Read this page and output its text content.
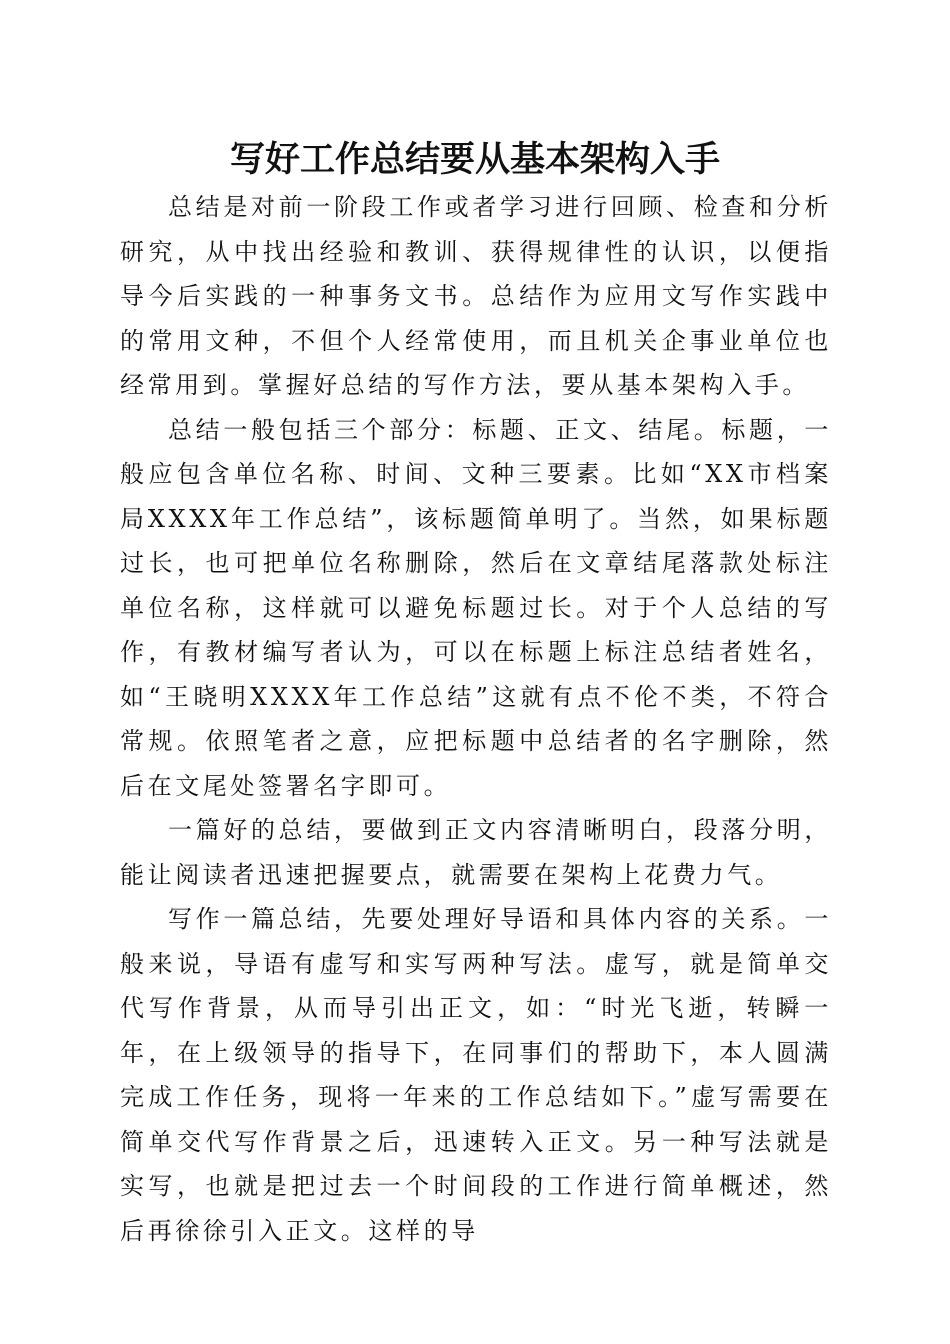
写好工作总结要从基本架构入手

总结是对前一阶段工作或者学习进行回顾、检查和分析研究，从中找出经验和教训、获得规律性的认识，以便指导今后实践的一种事务文书。总结作为应用文写作实践中的常用文种，不但个人经常使用，而且机关企事业单位也经常用到。掌握好总结的写作方法，要从基本架构入手。

总结一般包括三个部分：标题、正文、结尾。标题，一般应包含单位名称、时间、文种三要素。比如“XX市档案局XXXX年工作总结”，该标题简单明了。当然，如果标题过长，也可把单位名称删除，然后在文章结尾落款处标注单位名称，这样就可以避免标题过长。对于个人总结的写作，有教材编写者认为，可以在标题上标注总结者姓名，如“王晓明XXXX年工作总结”这就有点不伦不类，不符合常规。依照笔者之意，应把标题中总结者的名字删除，然后在文尾处签署名字即可。

一篇好的总结，要做到正文内容清晰明白，段落分明，能让阅读者迅速把握要点，就需要在架构上花费力气。

写作一篇总结，先要处理好导语和具体内容的关系。一般来说，导语有虚写和实写两种写法。虚写，就是简单交代写作背景，从而导引出正文，如：“时光飞逝，转瞬一年，在上级领导的指导下，在同事们的帮助下，本人圆满完成工作任务，现将一年来的工作总结如下。”虚写需要在简单交代写作背景之后，迅速转入正文。另一种写法就是实写，也就是把过去一个时间段的工作进行简单概述，然后再徐徐引入正文。这样的导
